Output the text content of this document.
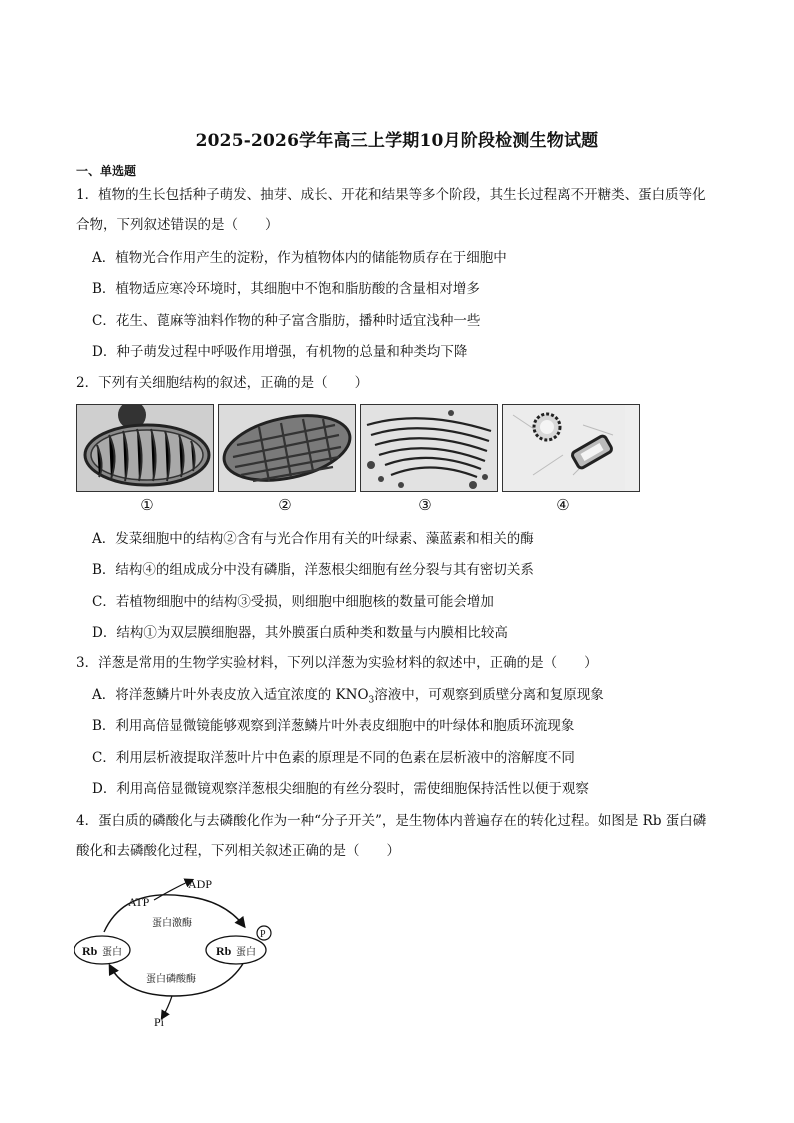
2025-2026学年高三上学期10月阶段检测生物试题
一、单选题
1．植物的生长包括种子萌发、抽芽、成长、开花和结果等多个阶段，其生长过程离不开糖类、蛋白质等化
合物，下列叙述错误的是（　　）
A．植物光合作用产生的淀粉，作为植物体内的储能物质存在于细胞中
B．植物适应寒冷环境时，其细胞中不饱和脂肪酸的含量相对增多
C．花生、蓖麻等油料作物的种子富含脂肪，播种时适宜浅种一些
D．种子萌发过程中呼吸作用增强，有机物的总量和种类均下降
2．下列有关细胞结构的叙述，正确的是（　　）
①	②	③	④
A．发菜细胞中的结构②含有与光合作用有关的叶绿素、藻蓝素和相关的酶
B．结构④的组成成分中没有磷脂，洋葱根尖细胞有丝分裂与其有密切关系
C．若植物细胞中的结构③受损，则细胞中细胞核的数量可能会增加
D．结构①为双层膜细胞器，其外膜蛋白质种类和数量与内膜相比较高
3．洋葱是常用的生物学实验材料，下列以洋葱为实验材料的叙述中，正确的是（　　）
A．将洋葱鳞片叶外表皮放入适宜浓度的 $KNO_3$溶液中，可观察到质壁分离和复原现象
B．利用高倍显微镜能够观察到洋葱鳞片叶外表皮细胞中的叶绿体和胞质环流现象
C．利用层析液提取洋葱叶片中色素的原理是不同的色素在层析液中的溶解度不同
D．利用高倍显微镜观察洋葱根尖细胞的有丝分裂时，需使细胞保持活性以便于观察
4．蛋白质的磷酸化与去磷酸化作为一种“分子开关”，是生物体内普遍存在的转化过程。如图是 Rb 蛋白磷
酸化和去磷酸化过程，下列相关叙述正确的是（　　）
ATP
ADP
蛋白激酶
蛋白磷酸酶
Pi
Rb 蛋白	Rb 蛋白
P
